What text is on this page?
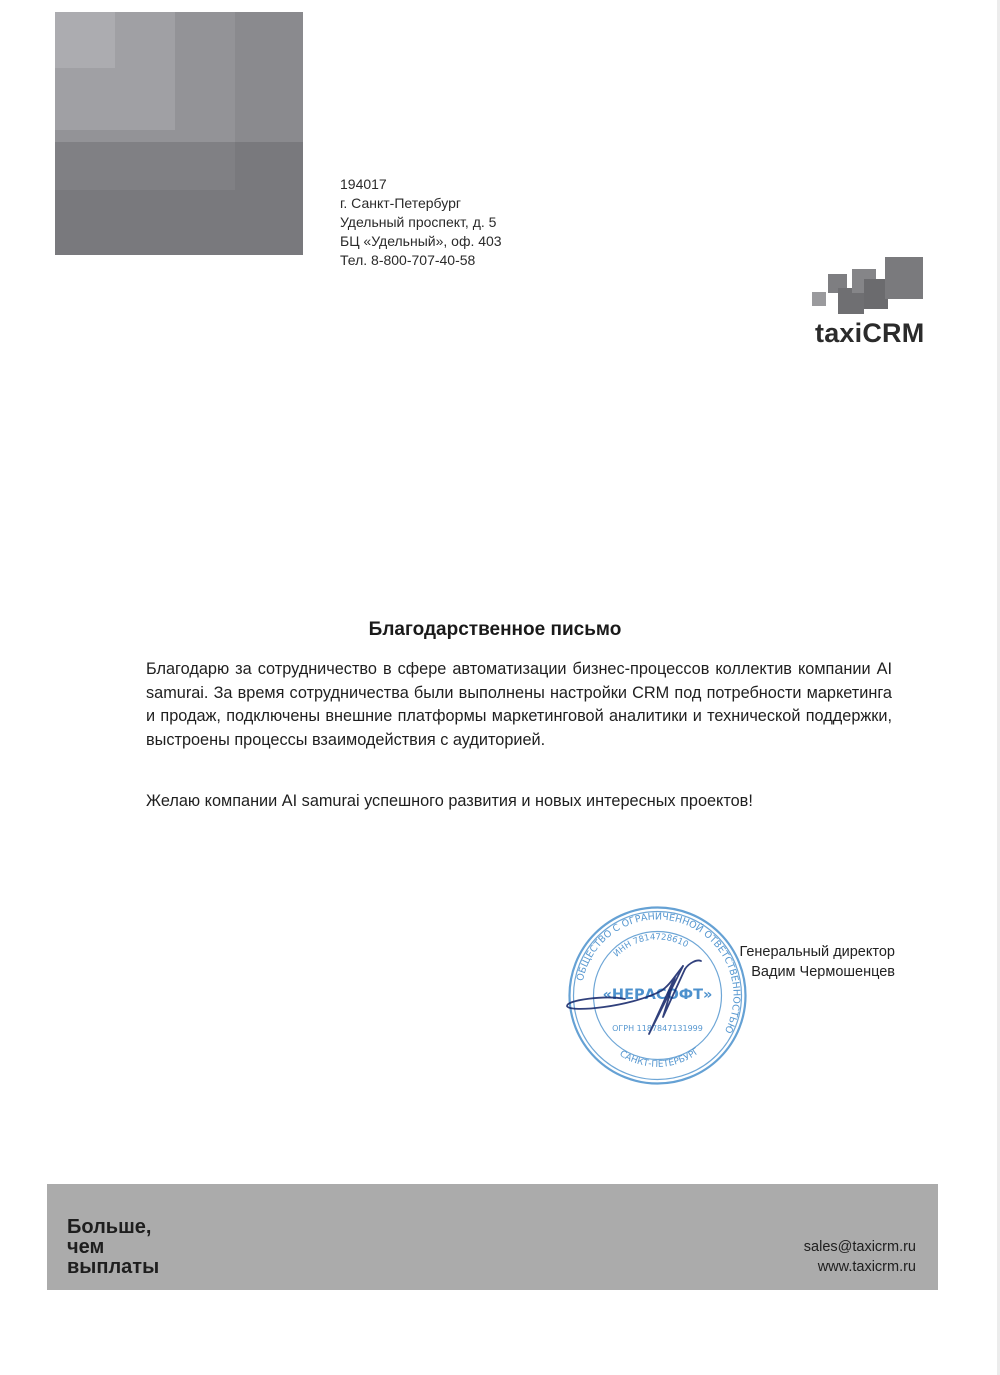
194017
г. Санкт-Петербург
Удельный проспект, д. 5
БЦ «Удельный», оф. 403
Тел. 8-800-707-40-58
taxiCRM
Благодарственное письмо
Благодарю за сотрудничество в сфере автоматизации бизнес-процессов коллектив компании AI samurai. За время сотрудничества были выполнены настройки CRM под потребности маркетинга и продаж, подключены внешние платформы маркетинговой аналитики и технической поддержки, выстроены процессы взаимодействия с аудиторией.
Желаю компании AI samurai успешного развития и новых интересных проектов!
ОБЩЕСТВО С ОГРАНИЧЕННОЙ ОТВЕТСТВЕННОСТЬЮ
ИНН 7814728610
САНКТ-ПЕТЕРБУРГ
«НЕРАСОФТ»
ОГРН 1187847131999
Генеральный директор
Вадим Чермошенцев
Больше,
чем
выплаты
sales@taxicrm.ru
www.taxicrm.ru
